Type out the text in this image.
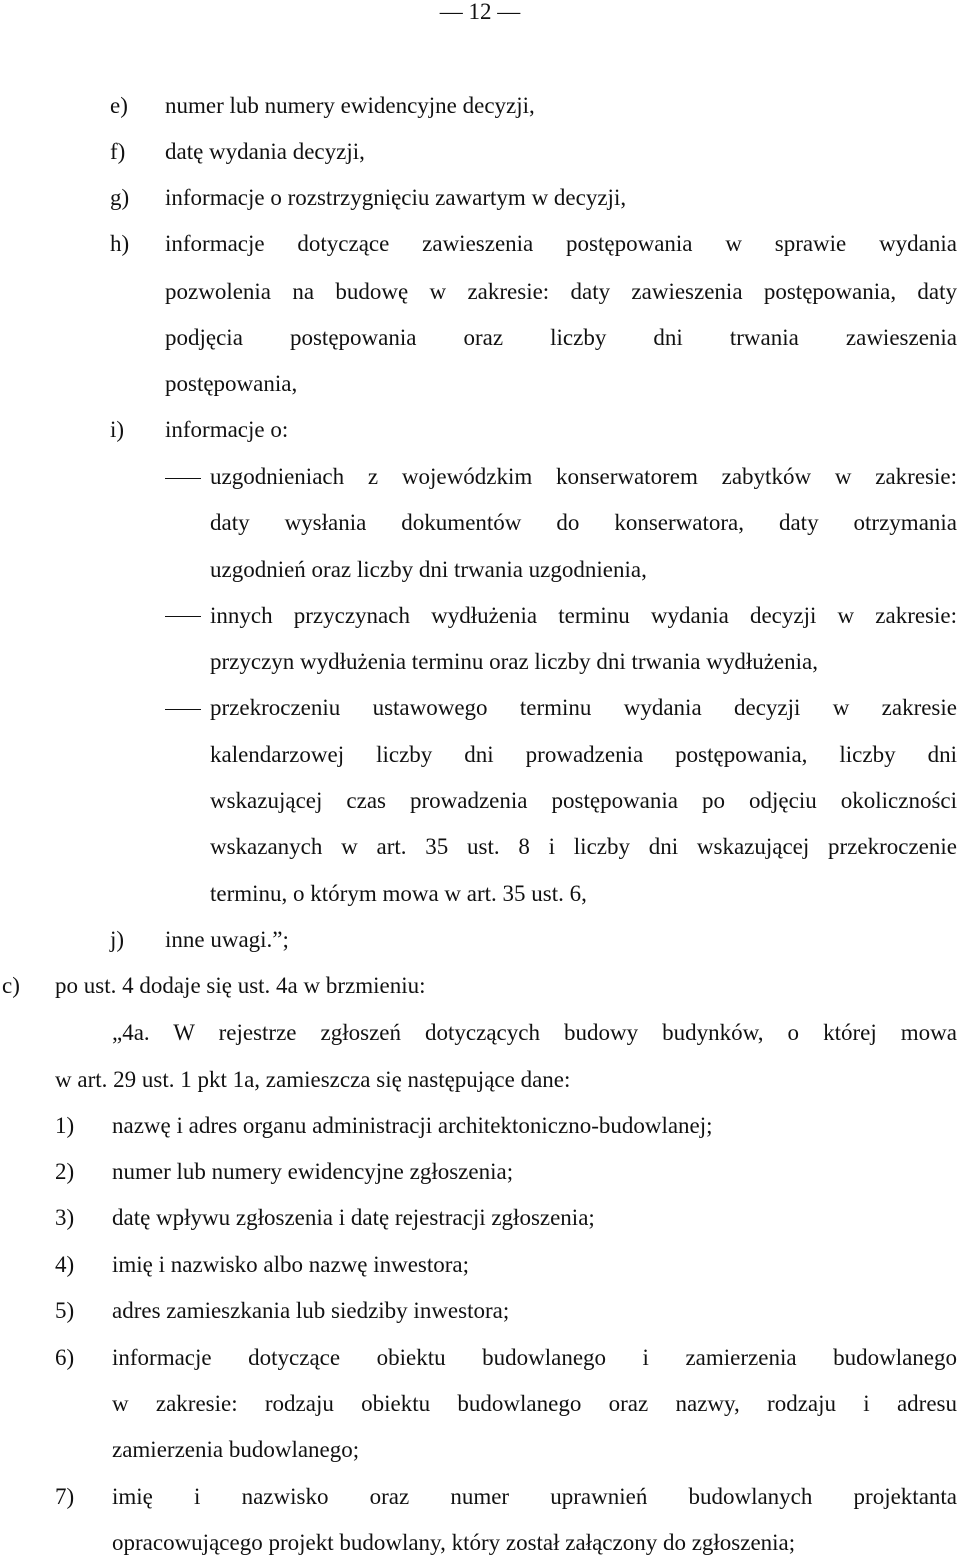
— 12 —
e) numer lub numery ewidencyjne decyzji,
f) datę wydania decyzji,
g) informacje o rozstrzygnięciu zawartym w decyzji,
h) informacje dotyczące zawieszenia postępowania w sprawie wydania
pozwolenia na budowę w zakresie: daty zawieszenia postępowania, daty
podjęcia postępowania oraz liczby dni trwania zawieszenia
postępowania,
i) informacje o:
uzgodnieniach z wojewódzkim konserwatorem zabytków w zakresie:
daty wysłania dokumentów do konserwatora, daty otrzymania
uzgodnień oraz liczby dni trwania uzgodnienia,
innych przyczynach wydłużenia terminu wydania decyzji w zakresie:
przyczyn wydłużenia terminu oraz liczby dni trwania wydłużenia,
przekroczeniu ustawowego terminu wydania decyzji w zakresie
kalendarzowej liczby dni prowadzenia postępowania, liczby dni
wskazującej czas prowadzenia postępowania po odjęciu okoliczności
wskazanych w art. 35 ust. 8 i liczby dni wskazującej przekroczenie
terminu, o którym mowa w art. 35 ust. 6,
j) inne uwagi.”;
c) po ust. 4 dodaje się ust. 4a w brzmieniu:
„4a. W rejestrze zgłoszeń dotyczących budowy budynków, o której mowa
w art. 29 ust. 1 pkt 1a, zamieszcza się następujące dane:
1) nazwę i adres organu administracji architektoniczno-budowlanej;
2) numer lub numery ewidencyjne zgłoszenia;
3) datę wpływu zgłoszenia i datę rejestracji zgłoszenia;
4) imię i nazwisko albo nazwę inwestora;
5) adres zamieszkania lub siedziby inwestora;
6) informacje dotyczące obiektu budowlanego i zamierzenia budowlanego
w zakresie: rodzaju obiektu budowlanego oraz nazwy, rodzaju i adresu
zamierzenia budowlanego;
7) imię i nazwisko oraz numer uprawnień budowlanych projektanta
opracowującego projekt budowlany, który został załączony do zgłoszenia;
